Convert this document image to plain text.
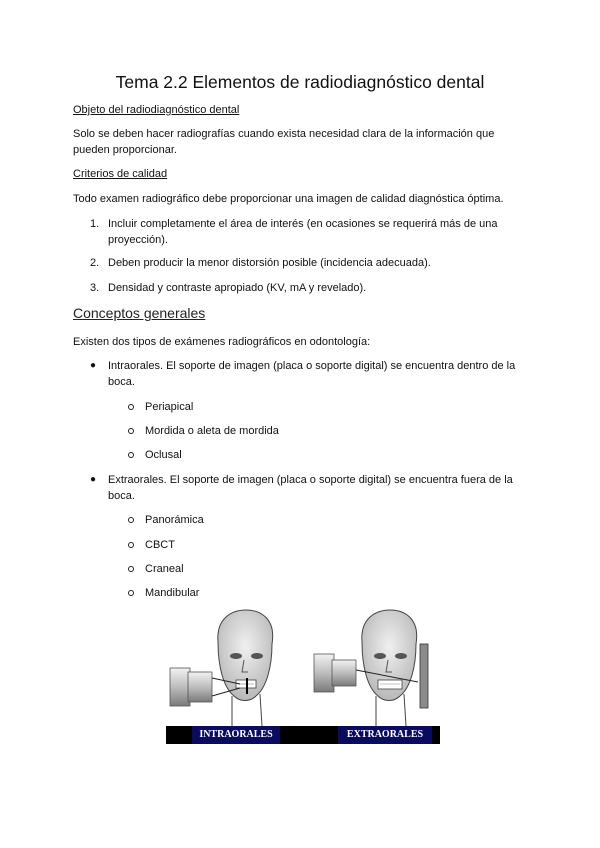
Tema 2.2 Elementos de radiodiagnóstico dental

Objeto del radiodiagnóstico dental

Solo se deben hacer radiografías cuando exista necesidad clara de la información que pueden proporcionar.

Criterios de calidad

Todo examen radiográfico debe proporcionar una imagen de calidad diagnóstica óptima.

1. Incluir completamente el área de interés (en ocasiones se requerirá más de una proyección).
2. Deben producir la menor distorsión posible (incidencia adecuada).
3. Densidad y contraste apropiado (KV, mA y revelado).

Conceptos generales

Existen dos tipos de exámenes radiográficos en odontología:

● Intraorales. El soporte de imagen (placa o soporte digital) se encuentra dentro de la boca.
Periapical
Mordida o aleta de mordida
Oclusal
● Extraorales. El soporte de imagen (placa o soporte digital) se encuentra fuera de la boca.
Panorámica
CBCT
Craneal
Mandibular
INTRAORALES	EXTRAORALES
